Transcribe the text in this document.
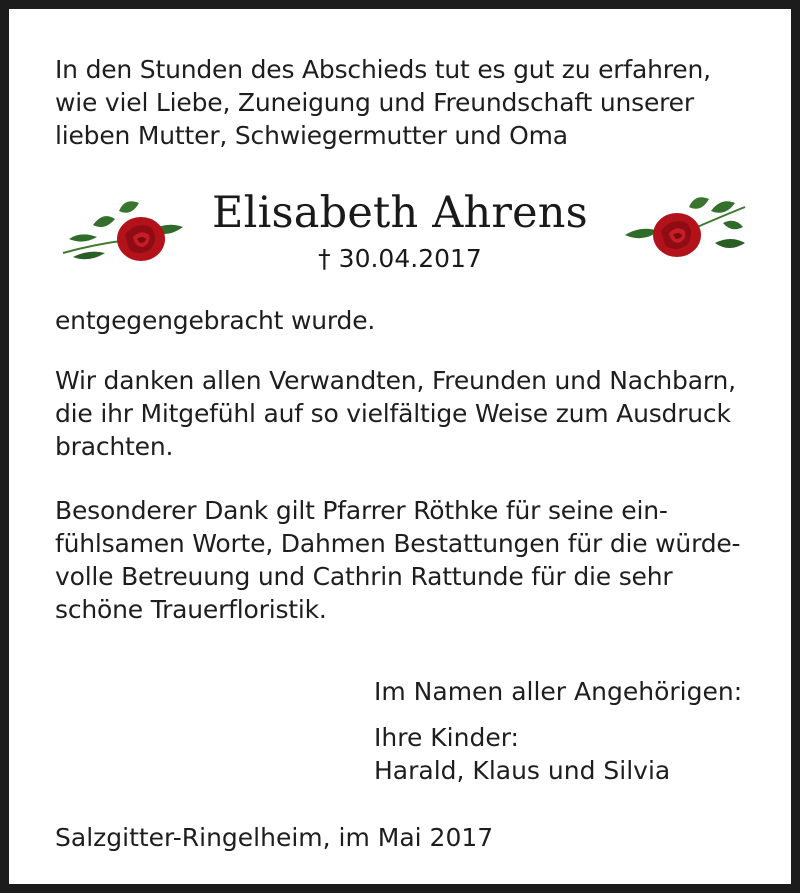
In den Stunden des Abschieds tut es gut zu erfahren,
wie viel Liebe, Zuneigung und Freundschaft unserer
lieben Mutter, Schwiegermutter und Oma

Elisabeth Ahrens
† 30.04.2017

entgegengebracht wurde.

Wir danken allen Verwandten, Freunden und Nachbarn,
die ihr Mitgefühl auf so vielfältige Weise zum Ausdruck
brachten.

Besonderer Dank gilt Pfarrer Röthke für seine ein-
fühlsamen Worte, Dahmen Bestattungen für die würde-
volle Betreuung und Cathrin Rattunde für die sehr
schöne Trauerfloristik.

Im Namen aller Angehörigen:

Ihre Kinder:
Harald, Klaus und Silvia

Salzgitter-Ringelheim, im Mai 2017
